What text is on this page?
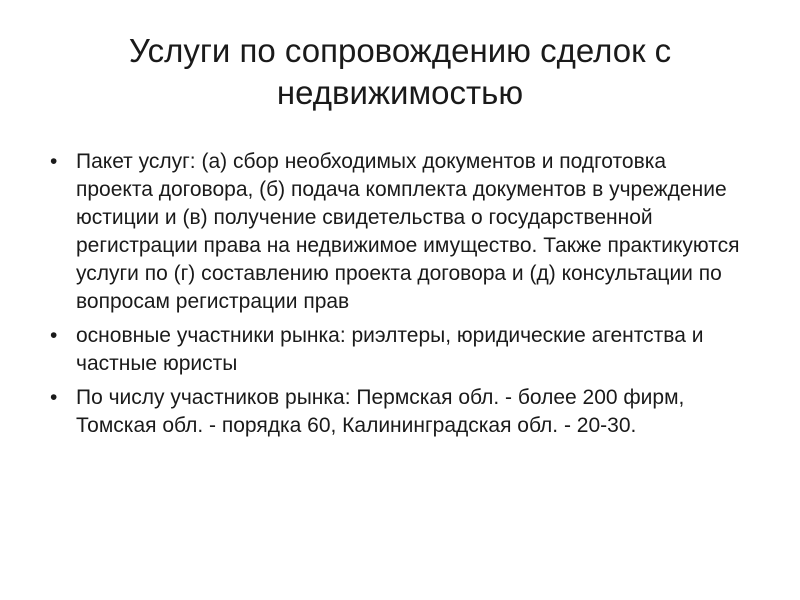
Услуги по сопровождению сделок с недвижимостью
• Пакет услуг: (а) сбор необходимых документов и подготовка проекта договора, (б) подача комплекта документов в учреждение юстиции и (в) получение свидетельства о государственной регистрации права на недвижимое имущество. Также практикуются услуги по (г) составлению проекта договора и (д) консультации по вопросам регистрации прав
• основные участники рынка: риэлтеры, юридические агентства и частные юристы
• По числу участников рынка: Пермская обл. - более 200 фирм, Томская обл. - порядка 60, Калининградская обл. - 20-30.
